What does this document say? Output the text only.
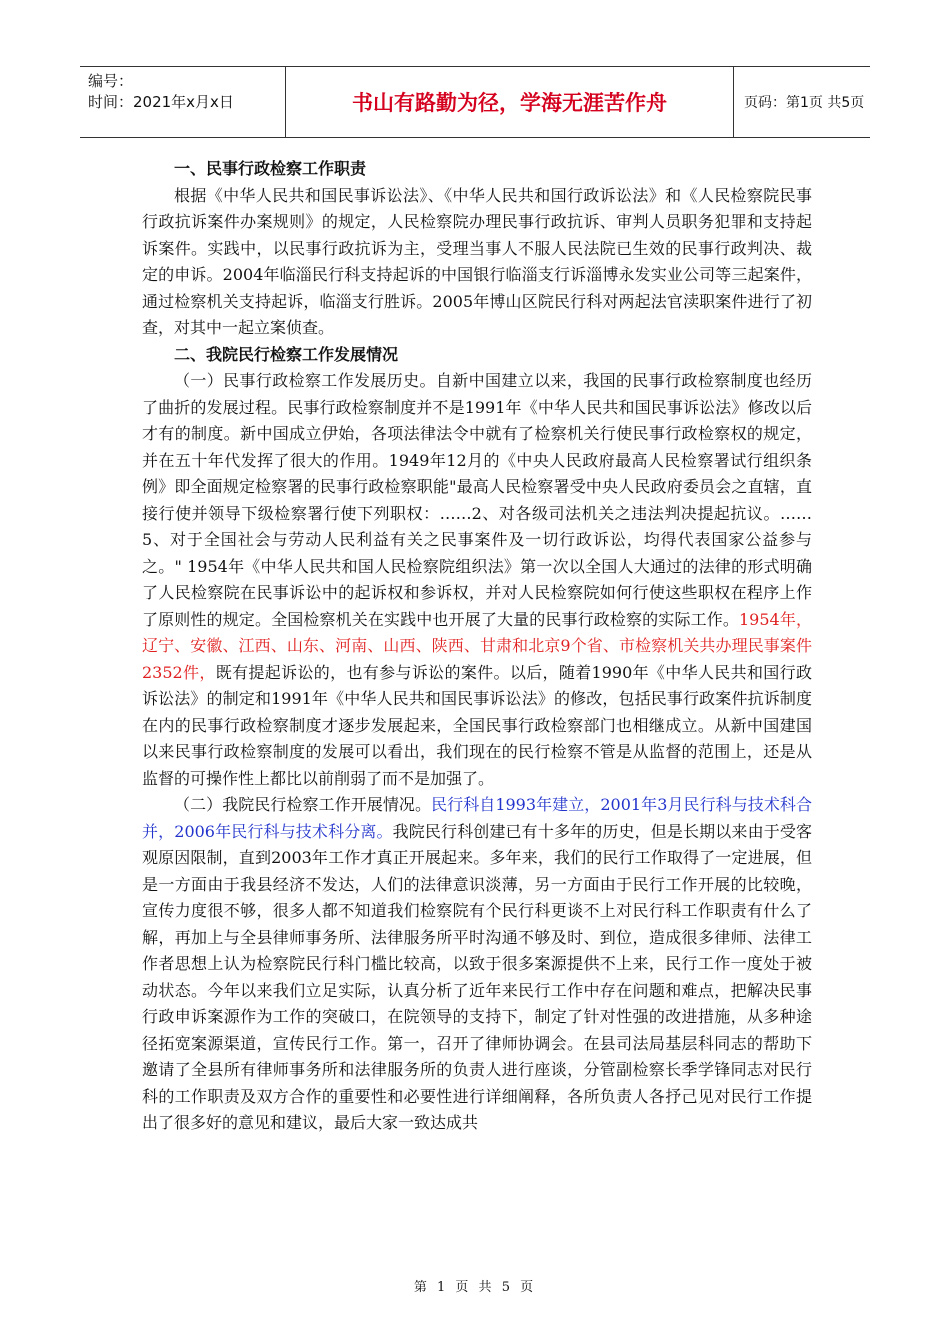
编号：
时间：2021年x月x日	书山有路勤为径，学海无涯苦作舟	页码：第1页 共5页
一、民事行政检察工作职责

根据《中华人民共和国民事诉讼法》、《中华人民共和国行政诉讼法》和《人民检察院民事行政抗诉案件办案规则》的规定，人民检察院办理民事行政抗诉、审判人员职务犯罪和支持起诉案件。实践中，以民事行政抗诉为主，受理当事人不服人民法院已生效的民事行政判决、裁定的申诉。2004年临淄民行科支持起诉的中国银行临淄支行诉淄博永发实业公司等三起案件，通过检察机关支持起诉，临淄支行胜诉。2005年博山区院民行科对两起法官渎职案件进行了初查，对其中一起立案侦查。

二、我院民行检察工作发展情况

（一）民事行政检察工作发展历史。自新中国建立以来，我国的民事行政检察制度也经历了曲折的发展过程。民事行政检察制度并不是1991年《中华人民共和国民事诉讼法》修改以后才有的制度。新中国成立伊始，各项法律法令中就有了检察机关行使民事行政检察权的规定，并在五十年代发挥了很大的作用。1949年12月的《中央人民政府最高人民检察署试行组织条例》即全面规定检察署的民事行政检察职能"最高人民检察署受中央人民政府委员会之直辖，直接行使并领导下级检察署行使下列职权：……2、对各级司法机关之违法判决提起抗议。……5、对于全国社会与劳动人民利益有关之民事案件及一切行政诉讼，均得代表国家公益参与之。" 1954年《中华人民共和国人民检察院组织法》第一次以全国人大通过的法律的形式明确了人民检察院在民事诉讼中的起诉权和参诉权，并对人民检察院如何行使这些职权在程序上作了原则性的规定。全国检察机关在实践中也开展了大量的民事行政检察的实际工作。1954年，辽宁、安徽、江西、山东、河南、山西、陕西、甘肃和北京9个省、市检察机关共办理民事案件2352件，既有提起诉讼的，也有参与诉讼的案件。以后，随着1990年《中华人民共和国行政诉讼法》的制定和1991年《中华人民共和国民事诉讼法》的修改，包括民事行政案件抗诉制度在内的民事行政检察制度才逐步发展起来，全国民事行政检察部门也相继成立。从新中国建国以来民事行政检察制度的发展可以看出，我们现在的民行检察不管是从监督的范围上，还是从监督的可操作性上都比以前削弱了而不是加强了。

（二）我院民行检察工作开展情况。民行科自1993年建立，2001年3月民行科与技术科合并，2006年民行科与技术科分离。我院民行科创建已有十多年的历史，但是长期以来由于受客观原因限制，直到2003年工作才真正开展起来。多年来，我们的民行工作取得了一定进展，但是一方面由于我县经济不发达，人们的法律意识淡薄，另一方面由于民行工作开展的比较晚，宣传力度很不够，很多人都不知道我们检察院有个民行科更谈不上对民行科工作职责有什么了解，再加上与全县律师事务所、法律服务所平时沟通不够及时、到位，造成很多律师、法律工作者思想上认为检察院民行科门槛比较高，以致于很多案源提供不上来，民行工作一度处于被动状态。今年以来我们立足实际，认真分析了近年来民行工作中存在问题和难点，把解决民事行政申诉案源作为工作的突破口，在院领导的支持下，制定了针对性强的改进措施，从多种途径拓宽案源渠道，宣传民行工作。第一，召开了律师协调会。在县司法局基层科同志的帮助下邀请了全县所有律师事务所和法律服务所的负责人进行座谈，分管副检察长季学锋同志对民行科的工作职责及双方合作的重要性和必要性进行详细阐释，各所负责人各抒己见对民行工作提出了很多好的意见和建议，最后大家一致达成共

第 1 页 共 5 页
